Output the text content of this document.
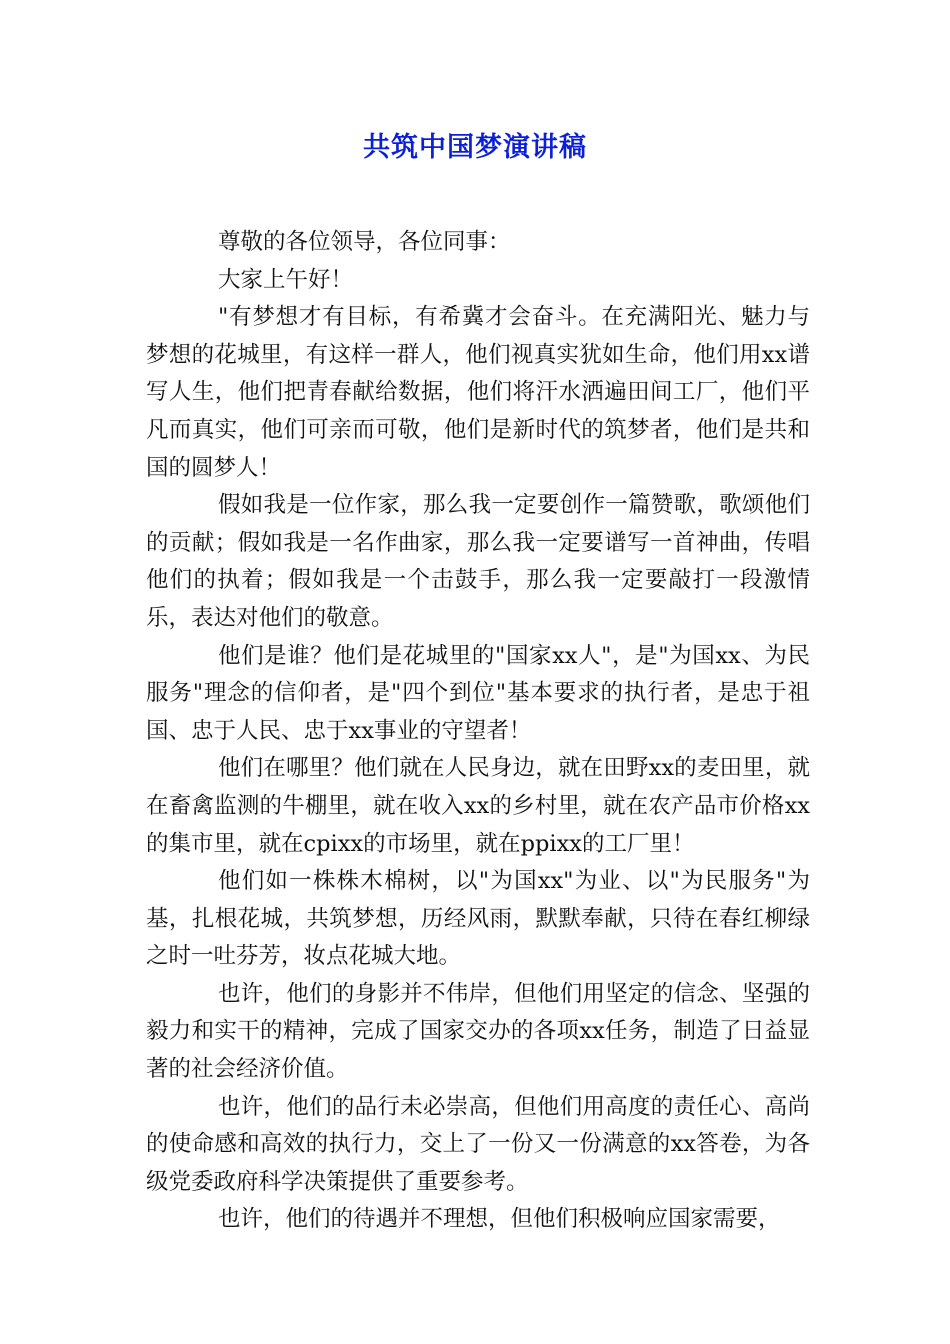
共筑中国梦演讲稿

尊敬的各位领导，各位同事：

大家上午好！

"有梦想才有目标，有希冀才会奋斗。在充满阳光、魅力与梦想的花城里，有这样一群人，他们视真实犹如生命，他们用xx谱写人生，他们把青春献给数据，他们将汗水洒遍田间工厂，他们平凡而真实，他们可亲而可敬，他们是新时代的筑梦者，他们是共和国的圆梦人！

假如我是一位作家，那么我一定要创作一篇赞歌，歌颂他们的贡献；假如我是一名作曲家，那么我一定要谱写一首神曲，传唱他们的执着；假如我是一个击鼓手，那么我一定要敲打一段激情乐，表达对他们的敬意。

他们是谁？他们是花城里的"国家xx人"，是"为国xx、为民服务"理念的信仰者，是"四个到位"基本要求的执行者，是忠于祖国、忠于人民、忠于xx事业的守望者！

他们在哪里？他们就在人民身边，就在田野xx的麦田里，就在畜禽监测的牛棚里，就在收入xx的乡村里，就在农产品市价格xx的集市里，就在cpixx的市场里，就在ppixx的工厂里！

他们如一株株木棉树，以"为国xx"为业、以"为民服务"为基，扎根花城，共筑梦想，历经风雨，默默奉献，只待在春红柳绿之时一吐芬芳，妆点花城大地。

也许，他们的身影并不伟岸，但他们用坚定的信念、坚强的毅力和实干的精神，完成了国家交办的各项xx任务，制造了日益显著的社会经济价值。

也许，他们的品行未必崇高，但他们用高度的责任心、高尚的使命感和高效的执行力，交上了一份又一份满意的xx答卷，为各级党委政府科学决策提供了重要参考。

也许，他们的待遇并不理想，但他们积极响应国家需要，
